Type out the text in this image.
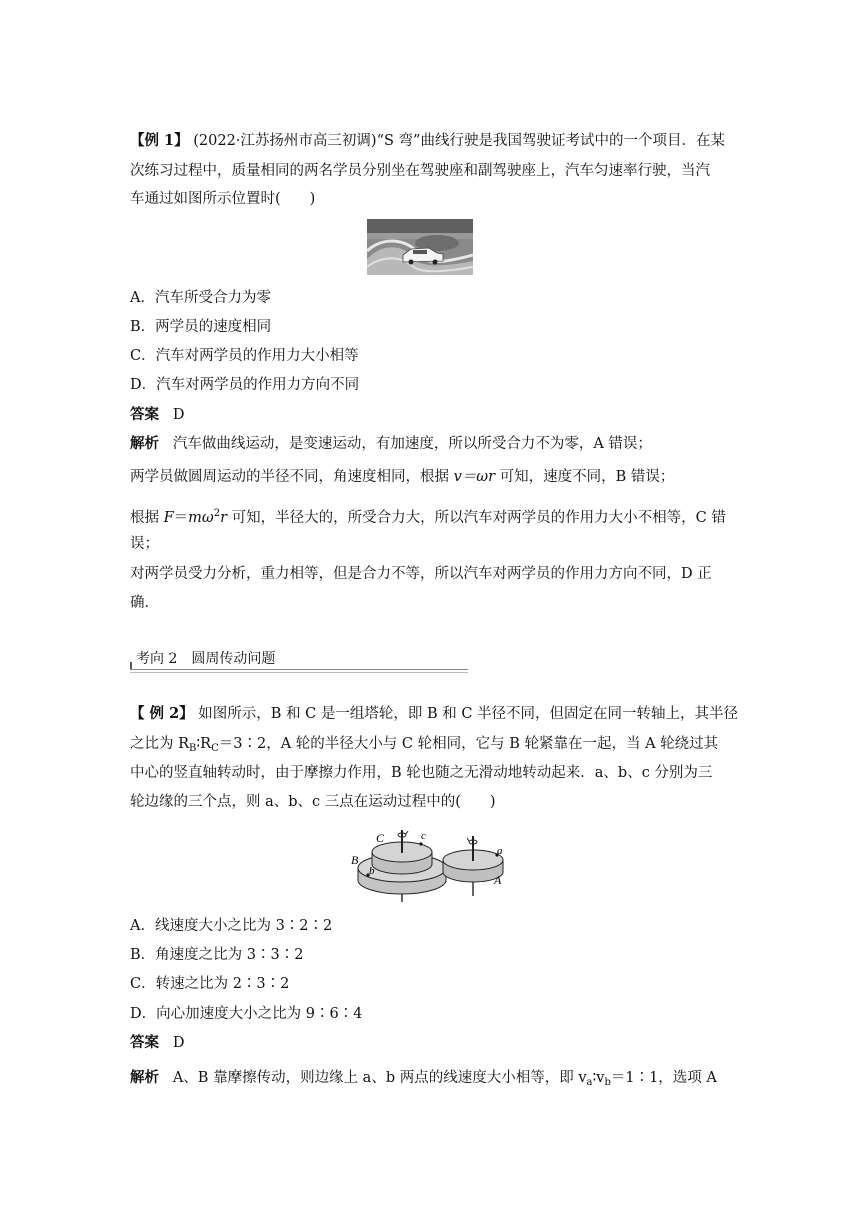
【例 1】 (2022·江苏扬州市高三初调)“S 弯”曲线行驶是我国驾驶证考试中的一个项目．在某
次练习过程中，质量相同的两名学员分别坐在驾驶座和副驾驶座上，汽车匀速率行驶，当汽
车通过如图所示位置时(　　)
A．汽车所受合力为零
B．两学员的速度相同
C．汽车对两学员的作用力大小相等
D．汽车对两学员的作用力方向不同
答案 D
解析 汽车做曲线运动，是变速运动，有加速度，所以所受合力不为零，A 错误；
两学员做圆周运动的半径不同，角速度相同，根据 v＝ωr 可知，速度不同，B 错误；
根据 $F=m\omega^2r$ 可知，半径大的，所受合力大，所以汽车对两学员的作用力大小不相等，C 错
误；
对两学员受力分析，重力相等，但是合力不等，所以汽车对两学员的作用力方向不同，D 正
确．
考向 2　圆周传动问题
【 例 2】 如图所示，B 和 C 是一组塔轮，即 B 和 C 半径不同，但固定在同一转轴上，其半径
之比为 $R_B∶R_C=3∶2$，A 轮的半径大小与 C 轮相同，它与 B 轮紧靠在一起，当 A 轮绕过其
中心的竖直轴转动时，由于摩擦力作用，B 轮也随之无滑动地转动起来．a、b、c 分别为三
轮边缘的三个点，则 a、b、c 三点在运动过程中的(　　)
C	c
B
b
a
A
A．线速度大小之比为 3∶2∶2
B．角速度之比为 3∶3∶2
C．转速之比为 2∶3∶2
D．向心加速度大小之比为 9∶6∶4
答案 D
解析 A、B 靠摩擦传动，则边缘上 a、b 两点的线速度大小相等，即 $v_a∶v_b=1∶1$，选项 A
